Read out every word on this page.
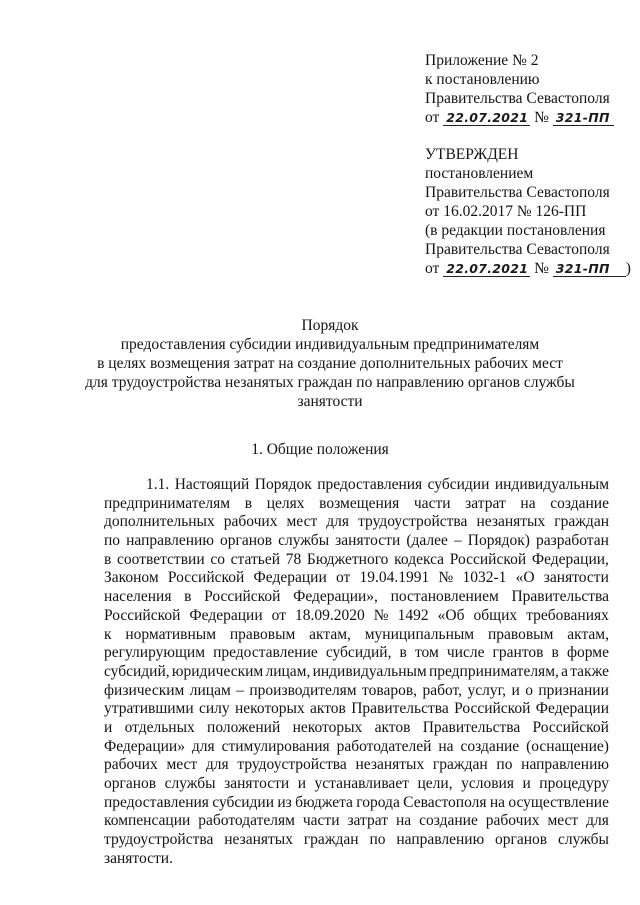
Приложение № 2
к постановлению
Правительства Севастополя
от 22.07.2021 № 321-ПП
УТВЕРЖДЕН
постановлением
Правительства Севастополя
от 16.02.2017 № 126-ПП
(в редакции постановления
Правительства Севастополя
от 22.07.2021 № 321-ПП )
Порядок
предоставления субсидии индивидуальным предпринимателям
в целях возмещения затрат на создание дополнительных рабочих мест
для трудоустройства незанятых граждан по направлению органов службы
занятости
1. Общие положения
1.1. Настоящий Порядок предоставления субсидии индивидуальным
предпринимателям в целях возмещения части затрат на создание
дополнительных рабочих мест для трудоустройства незанятых граждан
по направлению органов службы занятости (далее – Порядок) разработан
в соответствии со статьей 78 Бюджетного кодекса Российской Федерации,
Законом Российской Федерации от 19.04.1991 № 1032-1 «О занятости
населения в Российской Федерации», постановлением Правительства
Российской Федерации от 18.09.2020 № 1492 «Об общих требованиях
к нормативным правовым актам, муниципальным правовым актам,
регулирующим предоставление субсидий, в том числе грантов в форме
субсидий, юридическим лицам, индивидуальным предпринимателям, а также
физическим лицам – производителям товаров, работ, услуг, и о признании
утратившими силу некоторых актов Правительства Российской Федерации
и отдельных положений некоторых актов Правительства Российской
Федерации» для стимулирования работодателей на создание (оснащение)
рабочих мест для трудоустройства незанятых граждан по направлению
органов службы занятости и устанавливает цели, условия и процедуру
предоставления субсидии из бюджета города Севастополя на осуществление
компенсации работодателям части затрат на создание рабочих мест для
трудоустройства незанятых граждан по направлению органов службы
занятости.
